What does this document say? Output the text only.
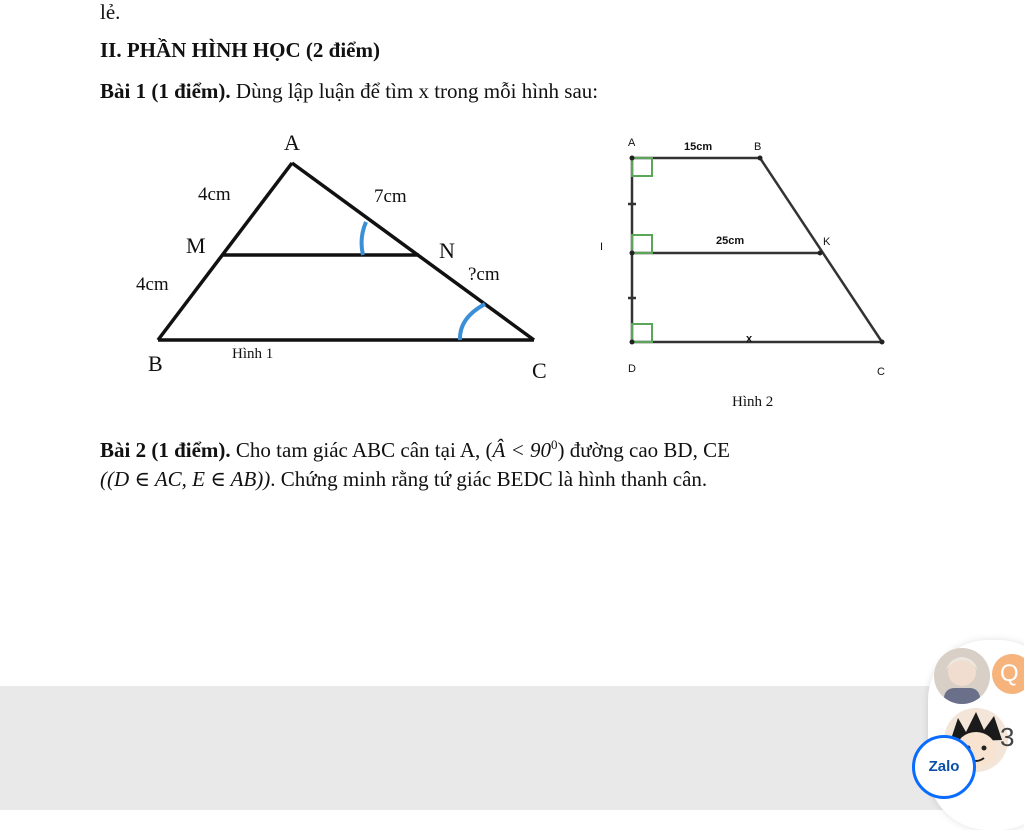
lẻ.
II. PHẦN HÌNH HỌC (2 điểm)
Bài 1 (1 điểm). Dùng lập luận để tìm x trong mỗi hình sau:
A
M	N
B	C
4cm	7cm
4cm	?cm
Hình 1
A	B
I	K
D	C
15cm
25cm
x
Hình 2
Bài 2 (1 điểm). Cho tam giác ABC cân tại A, (Â < $90^0$) đường cao BD, CE
((D ∈ AC, E ∈ AB)). Chứng minh rằng tứ giác BEDC là hình thanh cân.
Q
3
Zalo
